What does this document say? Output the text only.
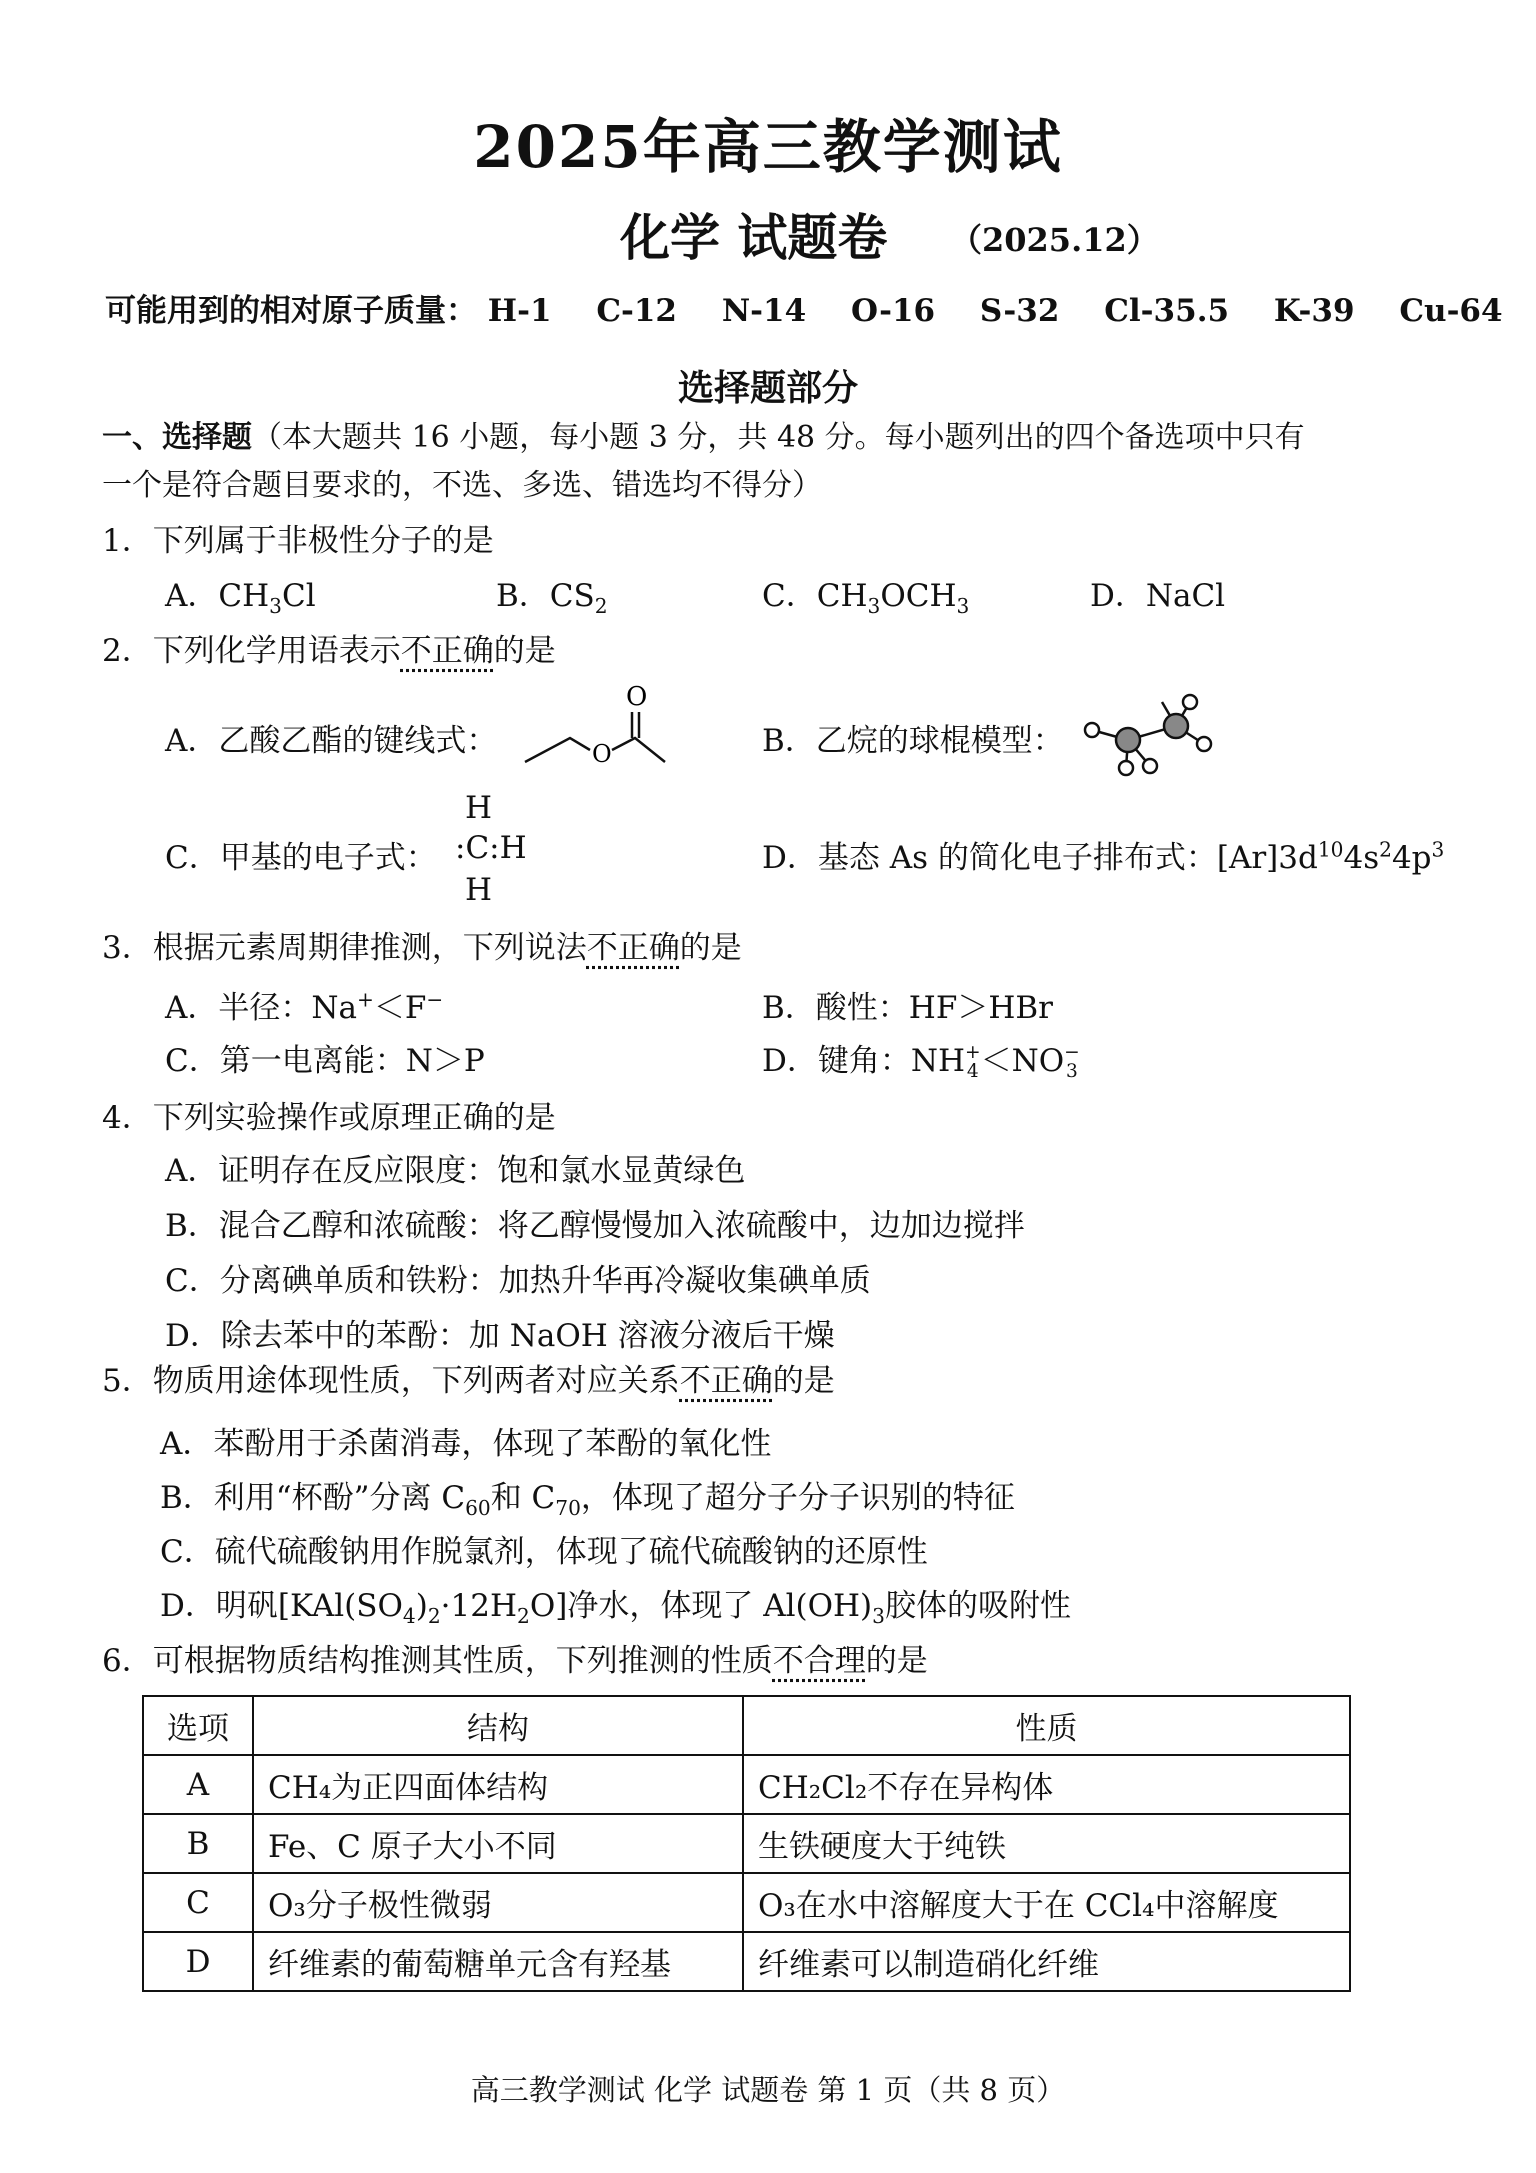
2025年高三教学测试
化学 试题卷 （2025.12）
可能用到的相对原子质量： H-1 C-12 N-14 O-16 S-32 Cl-35.5 K-39 Cu-64
选择题部分
一、选择题（本大题共 16 小题，每小题 3 分，共 48 分。每小题列出的四个备选项中只有
一个是符合题目要求的，不选、多选、错选均不得分）
1．下列属于非极性分子的是
A．$CH_3Cl$	B．$CS_2$	C．$CH_3OCH_3$	D．NaCl
2．下列化学用语表示不正确的是
A．乙酸乙酯的键线式：
O
O	B．乙烷的球棍模型：
C．甲基的电子式：
H
:C:H
H
D．基态 As 的简化电子排布式：$[Ar]3d^{10}4s^24p^3$
3．根据元素周期律推测，下列说法不正确的是
A．半径：Na+＜F−	B．酸性：HF＞HBr
C．第一电离能：N＞P	D．键角：NH +
4 ＜NO −
3
4．下列实验操作或原理正确的是
A．证明存在反应限度：饱和氯水显黄绿色
B．混合乙醇和浓硫酸：将乙醇慢慢加入浓硫酸中，边加边搅拌
C．分离碘单质和铁粉：加热升华再冷凝收集碘单质
D．除去苯中的苯酚：加 NaOH 溶液分液后干燥
5．物质用途体现性质，下列两者对应关系不正确的是
A．苯酚用于杀菌消毒，体现了苯酚的氧化性
B．利用“杯酚”分离 $C_{60}$和 $C_{70}$，体现了超分子分子识别的特征
C．硫代硫酸钠用作脱氯剂，体现了硫代硫酸钠的还原性
D．明矾$[KAl(SO_4)_2\cdot 12H_2O]$净水，体现了 $Al(OH)_3$胶体的吸附性
6．可根据物质结构推测其性质，下列推测的性质不合理的是
选项	结构	性质
A	CH₄为正四面体结构	CH₂Cl₂不存在异构体
B	Fe、C 原子大小不同	生铁硬度大于纯铁
C	O₃分子极性微弱	O₃在水中溶解度大于在 CCl₄中溶解度
D	纤维素的葡萄糖单元含有羟基	纤维素可以制造硝化纤维
高三教学测试 化学 试题卷 第 1 页（共 8 页）
